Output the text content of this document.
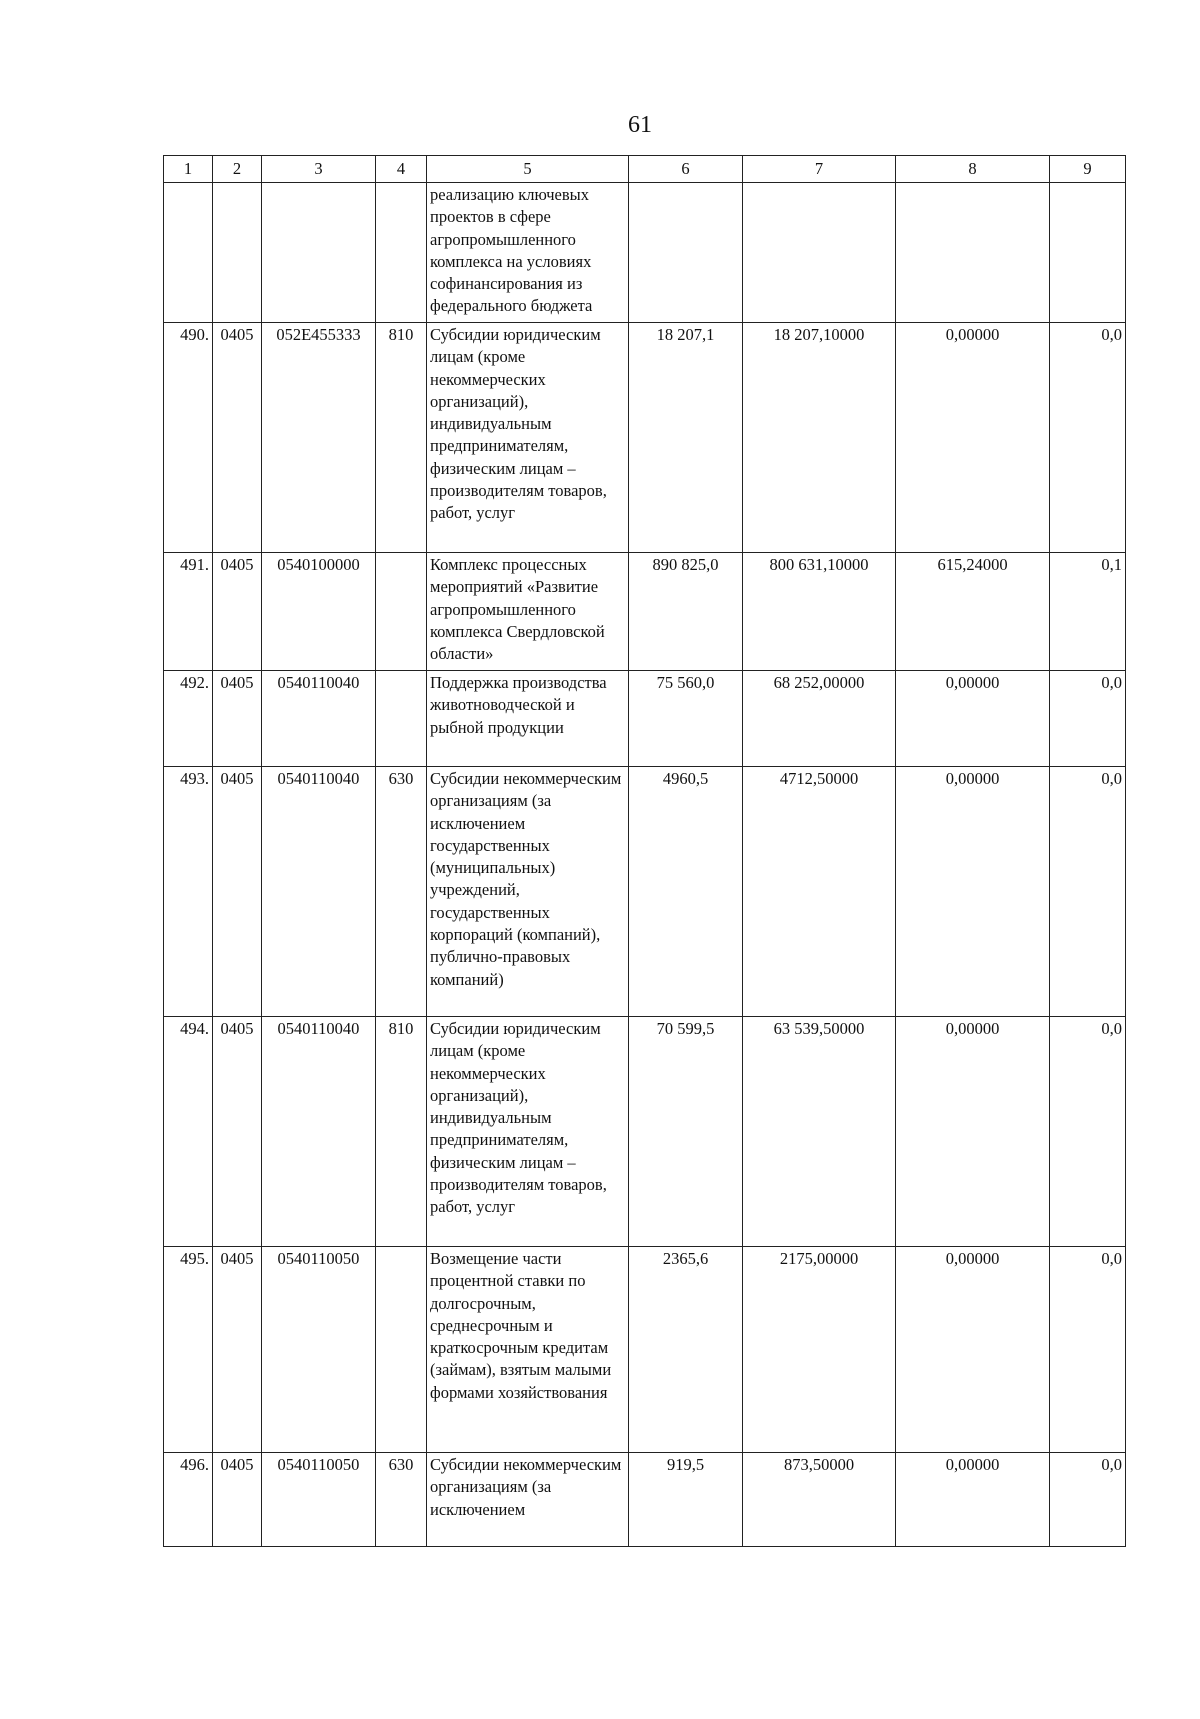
61
1	2	3	4	5	6	7	8	9
				реализацию ключевых проектов в сфере агропромышленного комплекса на условиях софинансирования из федерального бюджета				
490.	0405	052E455333	810	Субсидии юридическим лицам (кроме некоммерческих организаций), индивидуальным предпринимателям, физическим лицам – производителям товаров, работ, услуг	18 207,1	18 207,10000	0,00000	0,0
491.	0405	0540100000		Комплекс процессных мероприятий «Развитие агропромышленного комплекса Свердловской области»	890 825,0	800 631,10000	615,24000	0,1
492.	0405	0540110040		Поддержка производства животноводческой и рыбной продукции	75 560,0	68 252,00000	0,00000	0,0
493.	0405	0540110040	630	Субсидии некоммерческим организациям (за исключением государственных (муниципальных) учреждений, государственных корпораций (компаний), публично-правовых компаний)	4960,5	4712,50000	0,00000	0,0
494.	0405	0540110040	810	Субсидии юридическим лицам (кроме некоммерческих организаций), индивидуальным предпринимателям, физическим лицам – производителям товаров, работ, услуг	70 599,5	63 539,50000	0,00000	0,0
495.	0405	0540110050		Возмещение части процентной ставки по долгосрочным, среднесрочным и краткосрочным кредитам (займам), взятым малыми формами хозяйствования	2365,6	2175,00000	0,00000	0,0
496.	0405	0540110050	630	Субсидии некоммерческим организациям (за исключением	919,5	873,50000	0,00000	0,0
